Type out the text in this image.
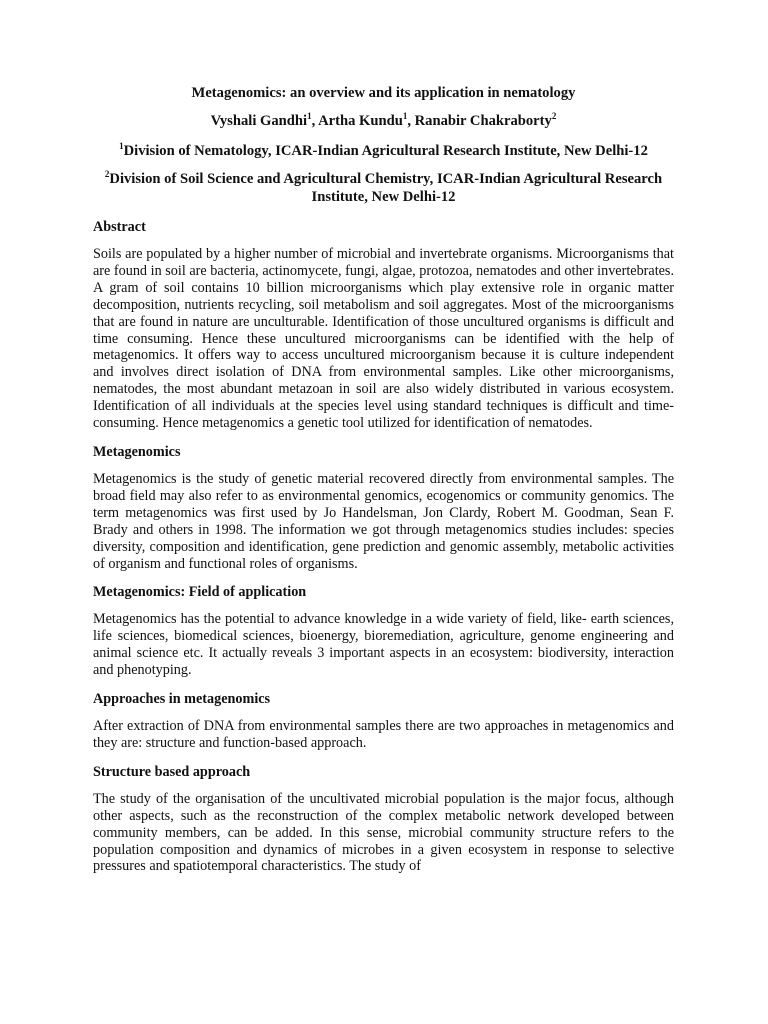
Metagenomics: an overview and its application in nematology
Vyshali Gandhi$^1$, Artha Kundu$^1$, Ranabir Chakraborty$^2$
$^1$Division of Nematology, ICAR-Indian Agricultural Research Institute, New Delhi-12
$^2$Division of Soil Science and Agricultural Chemistry, ICAR-Indian Agricultural Research Institute, New Delhi-12
Abstract
Soils are populated by a higher number of microbial and invertebrate organisms. Microorganisms that are found in soil are bacteria, actinomycete, fungi, algae, protozoa, nematodes and other invertebrates. A gram of soil contains 10 billion microorganisms which play extensive role in organic matter decomposition, nutrients recycling, soil metabolism and soil aggregates. Most of the microorganisms that are found in nature are unculturable. Identification of those uncultured organisms is difficult and time consuming. Hence these uncultured microorganisms can be identified with the help of metagenomics. It offers way to access uncultured microorganism because it is culture independent and involves direct isolation of DNA from environmental samples. Like other microorganisms, nematodes, the most abundant metazoan in soil are also widely distributed in various ecosystem. Identification of all individuals at the species level using standard techniques is difficult and time-consuming. Hence metagenomics a genetic tool utilized for identification of nematodes.
Metagenomics
Metagenomics is the study of genetic material recovered directly from environmental samples. The broad field may also refer to as environmental genomics, ecogenomics or community genomics. The term metagenomics was first used by Jo Handelsman, Jon Clardy, Robert M. Goodman, Sean F. Brady and others in 1998. The information we got through metagenomics studies includes: species diversity, composition and identification, gene prediction and genomic assembly, metabolic activities of organism and functional roles of organisms.
Metagenomics: Field of application
Metagenomics has the potential to advance knowledge in a wide variety of field, like- earth sciences, life sciences, biomedical sciences, bioenergy, bioremediation, agriculture, genome engineering and animal science etc. It actually reveals 3 important aspects in an ecosystem: biodiversity, interaction and phenotyping.
Approaches in metagenomics
After extraction of DNA from environmental samples there are two approaches in metagenomics and they are: structure and function-based approach.
Structure based approach
The study of the organisation of the uncultivated microbial population is the major focus, although other aspects, such as the reconstruction of the complex metabolic network developed between community members, can be added. In this sense, microbial community structure refers to the population composition and dynamics of microbes in a given ecosystem in response to selective pressures and spatiotemporal characteristics. The study of
